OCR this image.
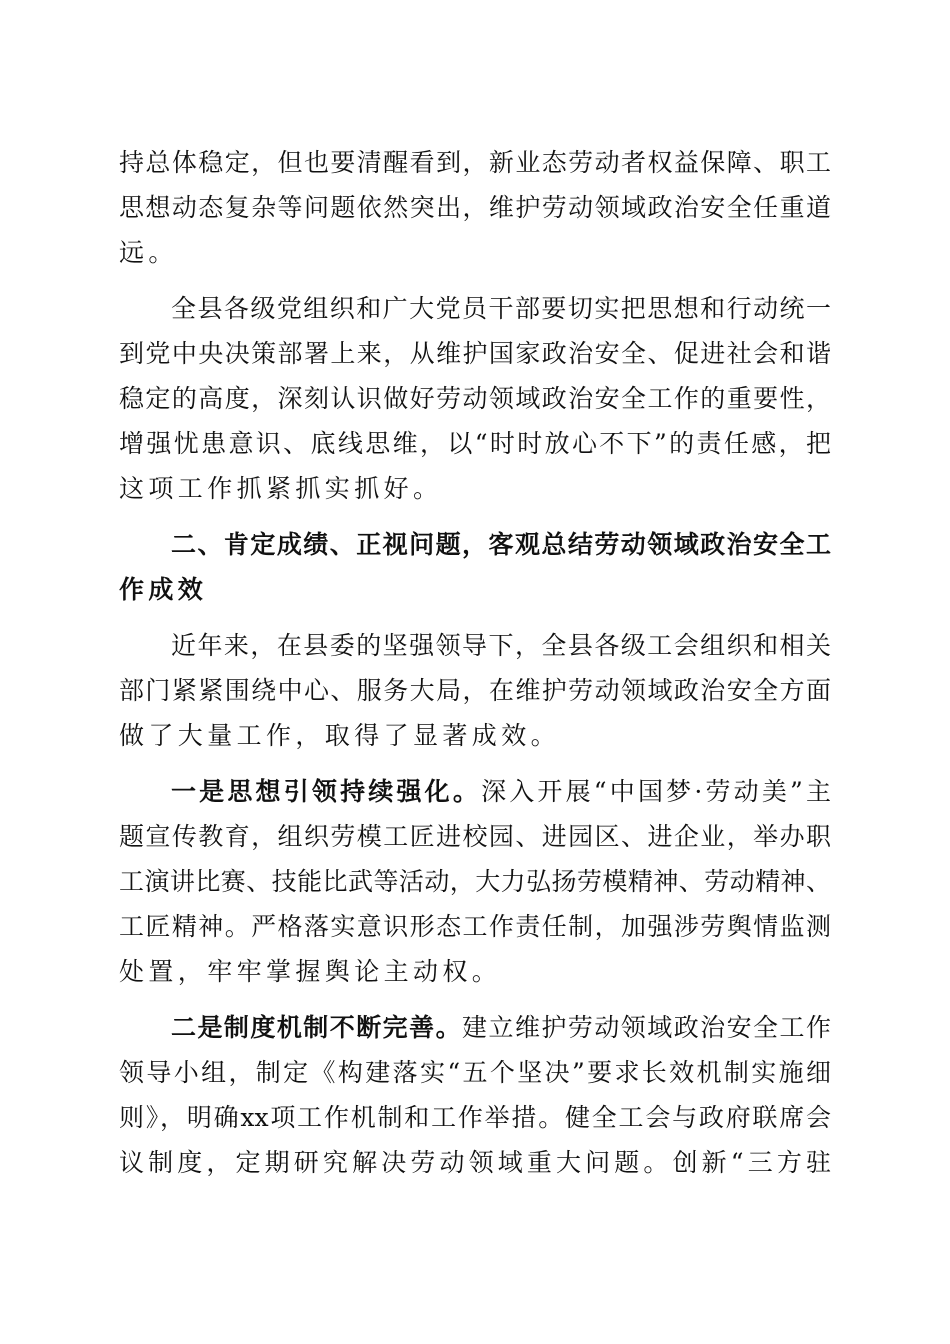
持总体稳定，但也要清醒看到，新业态劳动者权益保障、职工
思想动态复杂等问题依然突出，维护劳动领域政治安全任重道
远。
全县各级党组织和广大党员干部要切实把思想和行动统一
到党中央决策部署上来，从维护国家政治安全、促进社会和谐
稳定的高度，深刻认识做好劳动领域政治安全工作的重要性，
增强忧患意识、底线思维，以“时时放心不下”的责任感，把
这项工作抓紧抓实抓好。
二、肯定成绩、正视问题，客观总结劳动领域政治安全工
作成效
近年来，在县委的坚强领导下，全县各级工会组织和相关
部门紧紧围绕中心、服务大局，在维护劳动领域政治安全方面
做了大量工作，取得了显著成效。
一是思想引领持续强化。深入开展“中国梦·劳动美”主
题宣传教育，组织劳模工匠进校园、进园区、进企业，举办职
工演讲比赛、技能比武等活动，大力弘扬劳模精神、劳动精神、
工匠精神。严格落实意识形态工作责任制，加强涉劳舆情监测
处置，牢牢掌握舆论主动权。
二是制度机制不断完善。建立维护劳动领域政治安全工作
领导小组，制定《构建落实“五个坚决”要求长效机制实施细
则》，明确xx项工作机制和工作举措。健全工会与政府联席会
议制度，定期研究解决劳动领域重大问题。创新“三方驻
